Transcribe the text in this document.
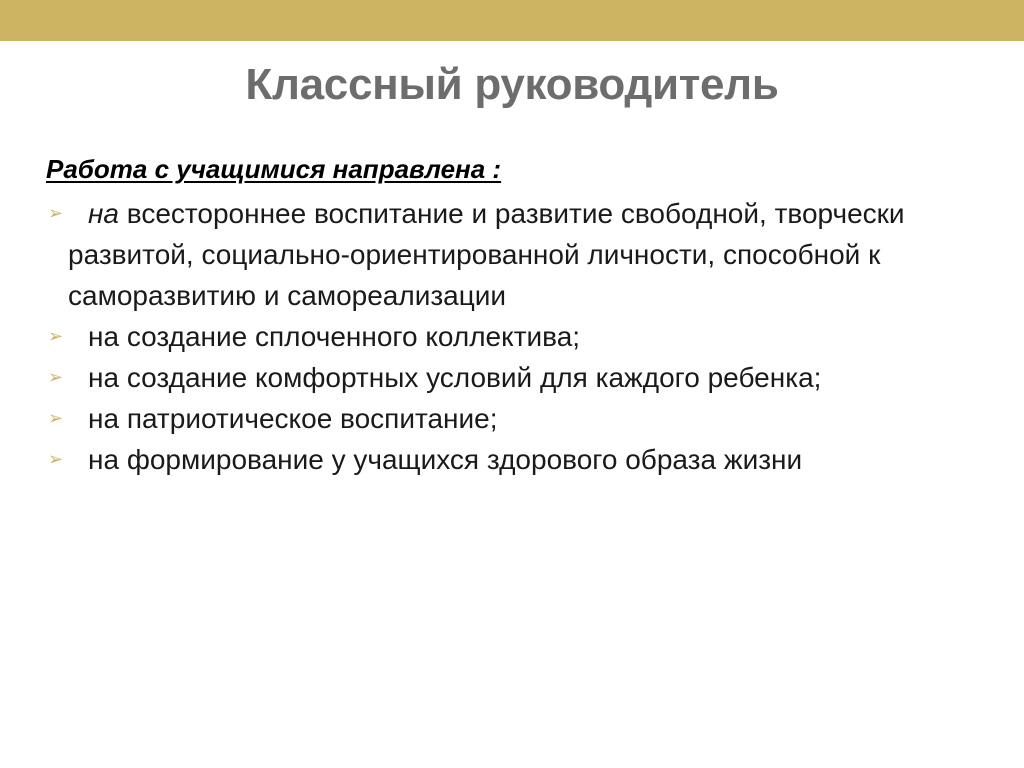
Классный руководитель

Работа с учащимися направлена :

➢ на всестороннее воспитание и развитие свободной, творчески развитой, социально-ориентированной личности, способной к саморазвитию и самореализации
➢ на создание сплоченного коллектива;
➢ на создание комфортных условий для каждого ребенка;
➢ на патриотическое воспитание;
➢ на формирование у учащихся здорового образа жизни
